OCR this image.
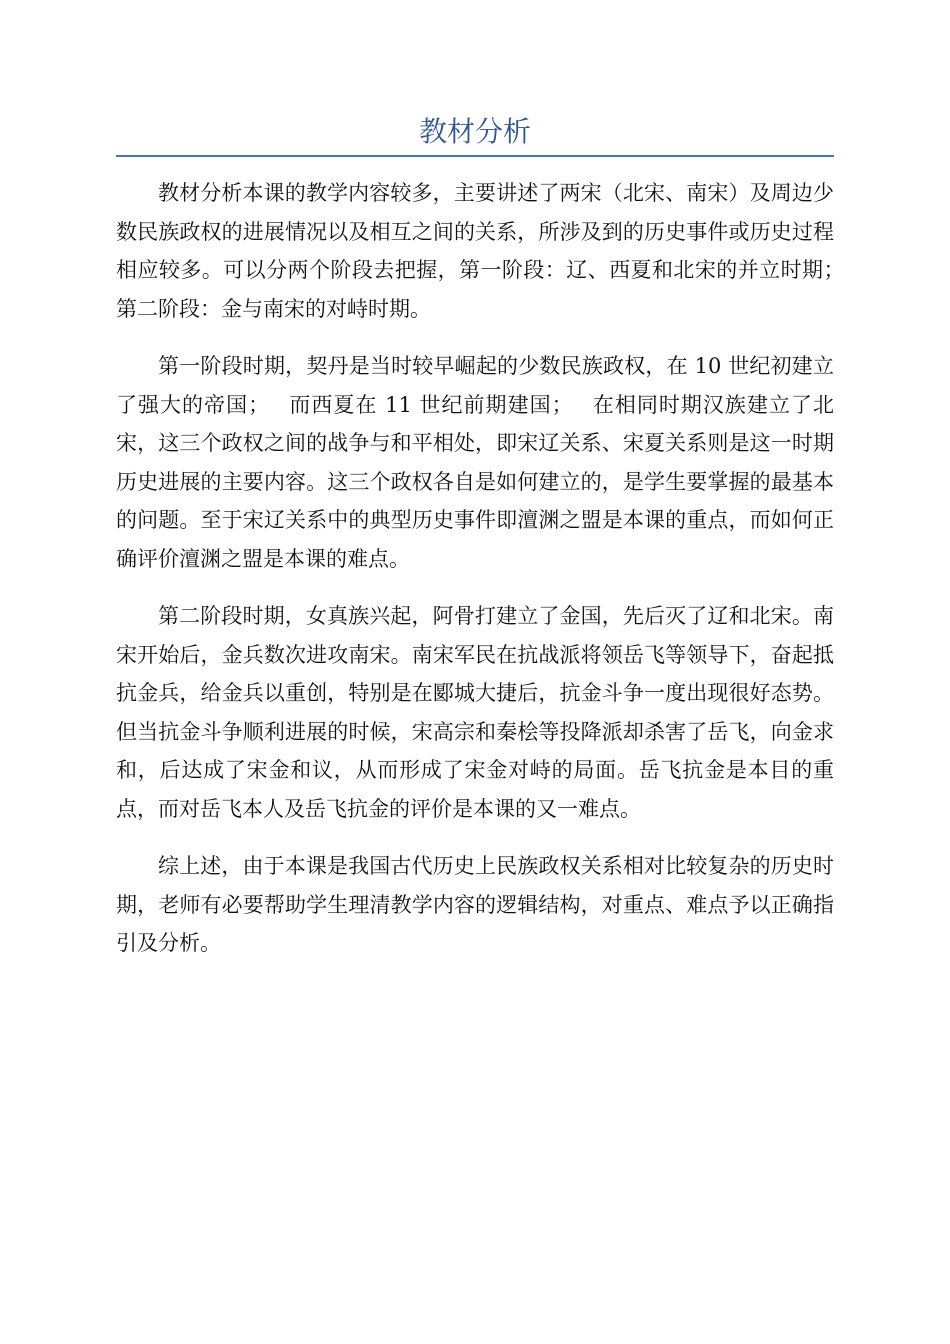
教材分析

教材分析本课的教学内容较多，主要讲述了两宋（北宋、南宋）及周边少数民族政权的进展情况以及相互之间的关系，所涉及到的历史事件或历史过程相应较多。可以分两个阶段去把握，第一阶段：辽、西夏和北宋的并立时期；　 第二阶段：金与南宋的对峙时期。

第一阶段时期，契丹是当时较早崛起的少数民族政权，在 10 世纪初建立了强大的帝国；　 而西夏在 11 世纪前期建国；　 在相同时期汉族建立了北宋，这三个政权之间的战争与和平相处，即宋辽关系、宋夏关系则是这一时期历史进展的主要内容。这三个政权各自是如何建立的，是学生要掌握的最基本的问题。至于宋辽关系中的典型历史事件即澶渊之盟是本课的重点，而如何正确评价澶渊之盟是本课的难点。

第二阶段时期，女真族兴起，阿骨打建立了金国，先后灭了辽和北宋。南宋开始后，金兵数次进攻南宋。南宋军民在抗战派将领岳飞等领导下，奋起抵抗金兵，给金兵以重创，特别是在郾城大捷后，抗金斗争一度出现很好态势。但当抗金斗争顺利进展的时候，宋高宗和秦桧等投降派却杀害了岳飞，向金求和，后达成了宋金和议，从而形成了宋金对峙的局面。岳飞抗金是本目的重点，而对岳飞本人及岳飞抗金的评价是本课的又一难点。

综上述，由于本课是我国古代历史上民族政权关系相对比较复杂的历史时期，老师有必要帮助学生理清教学内容的逻辑结构，对重点、难点予以正确指引及分析。
